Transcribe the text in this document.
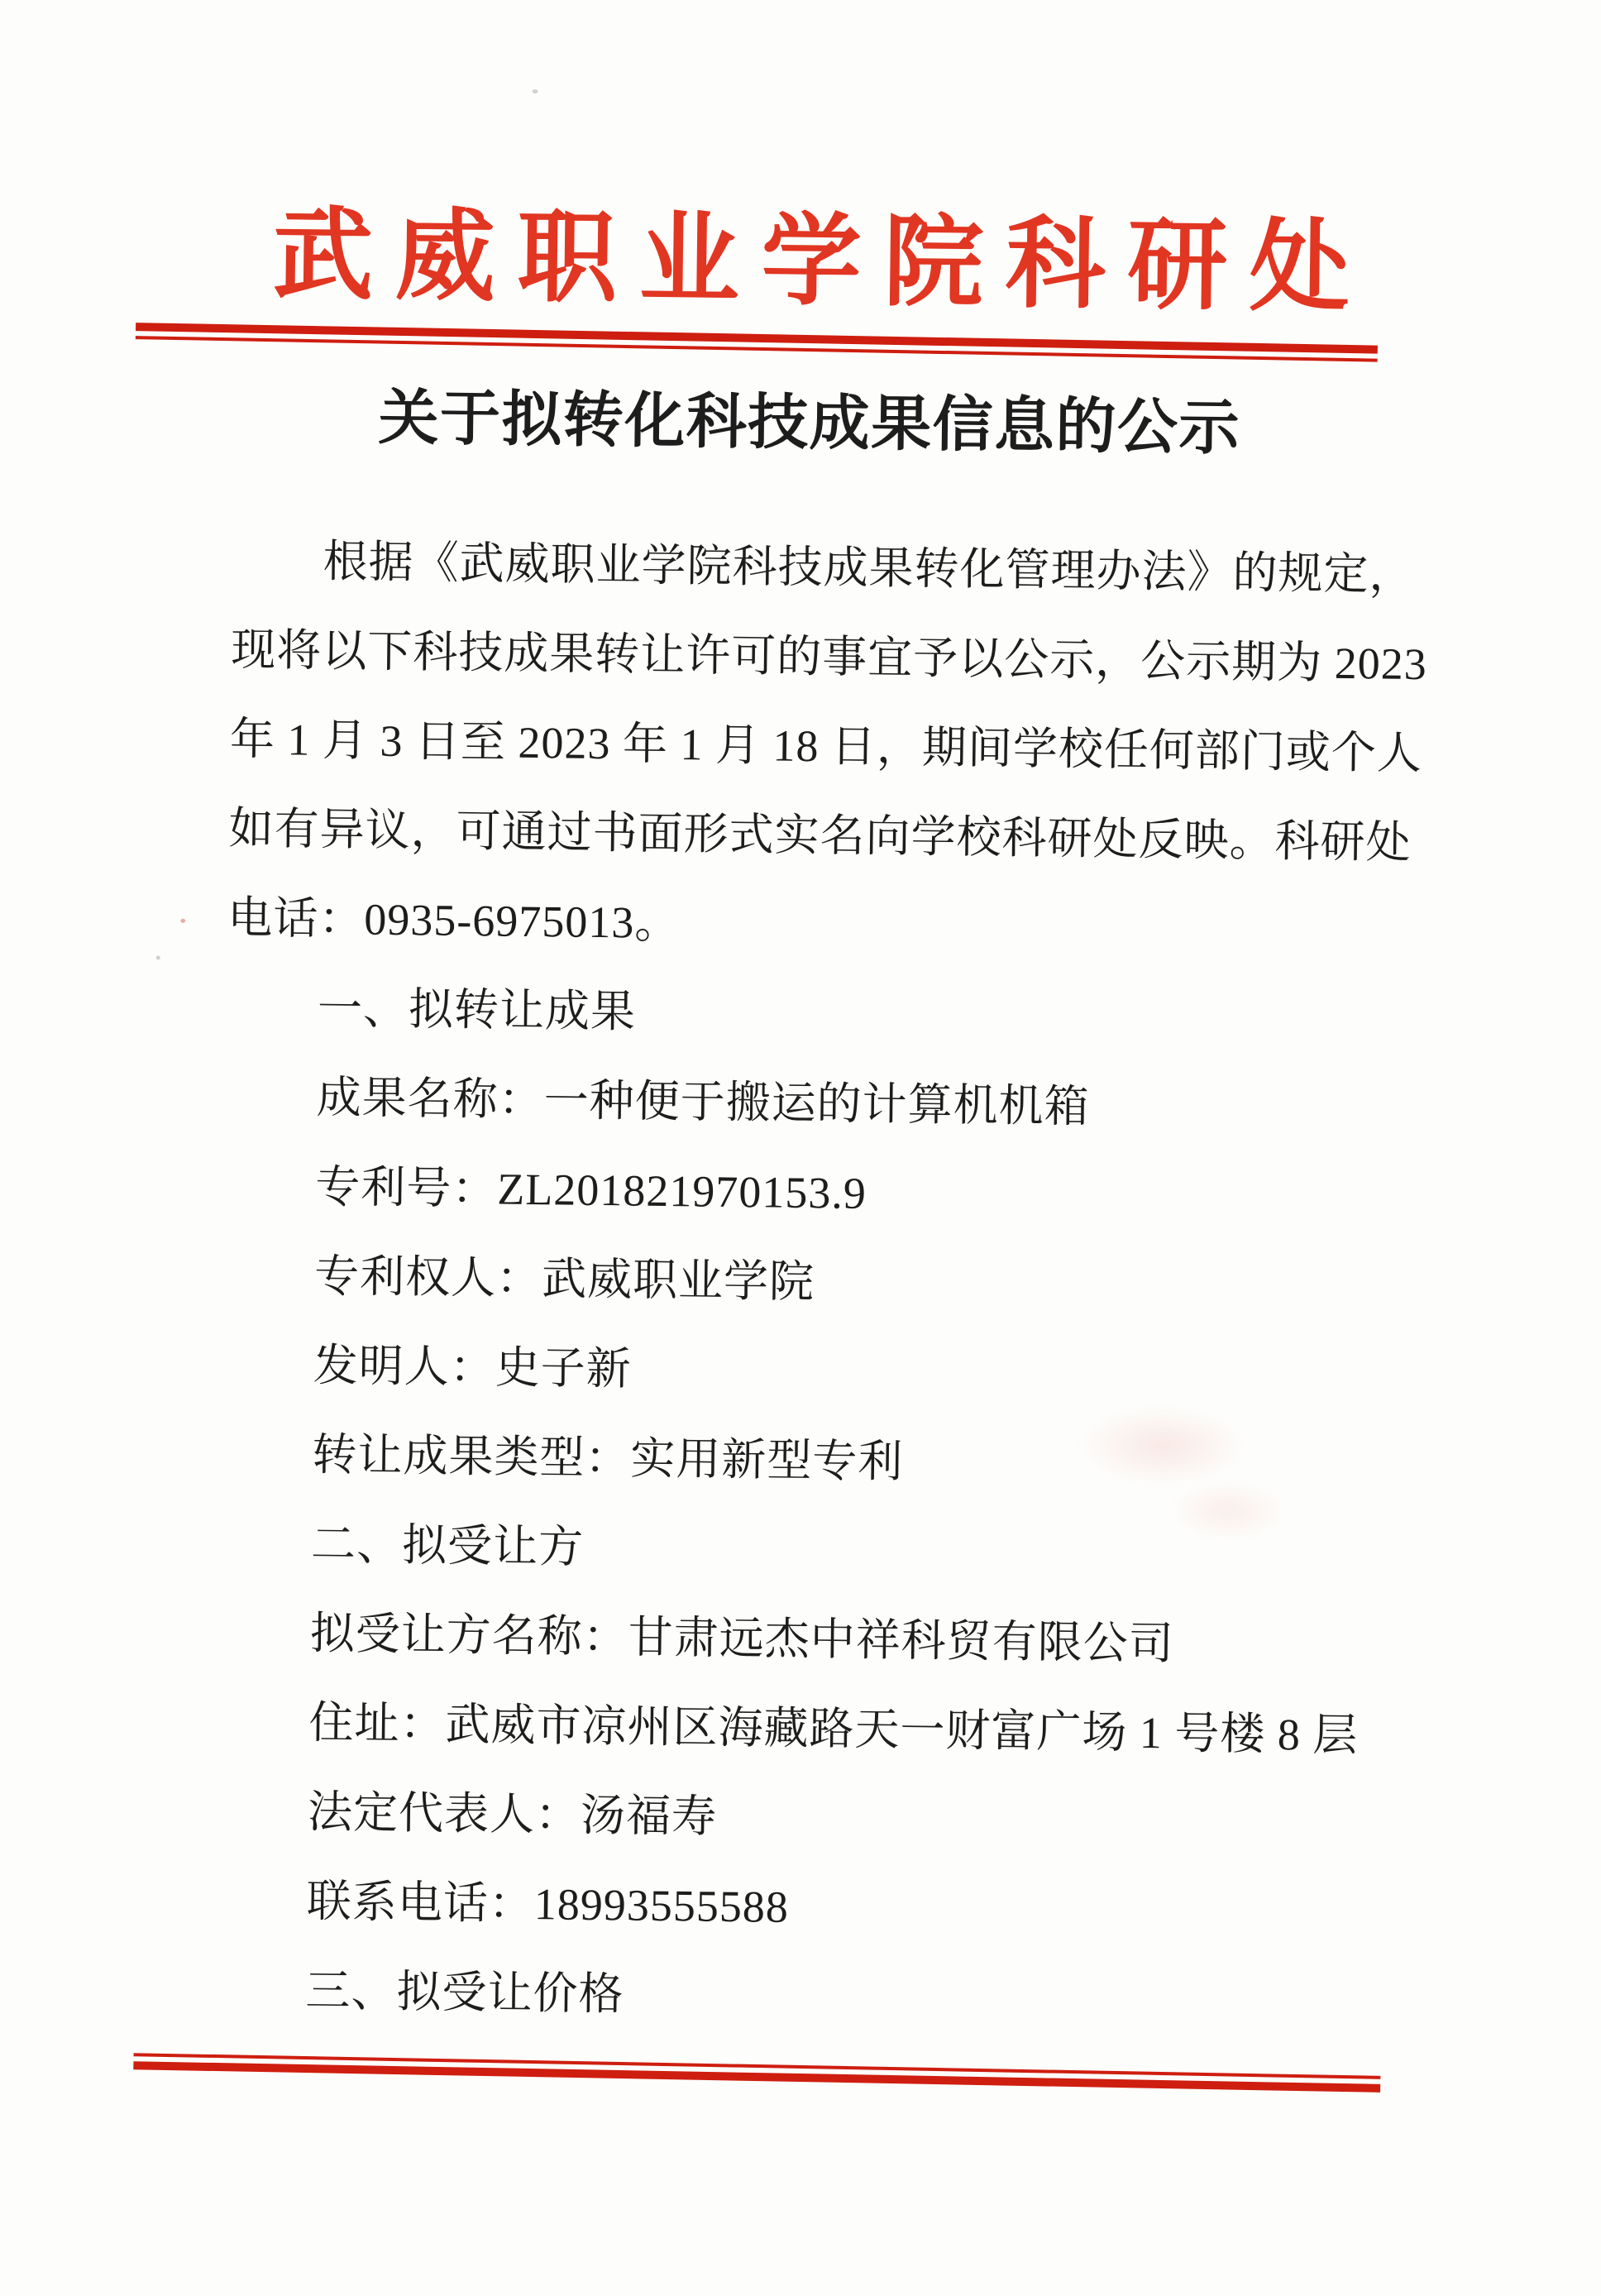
武威职业学院科研处
关于拟转化科技成果信息的公示
根据《武威职业学院科技成果转化管理办法》的规定，
现将以下科技成果转让许可的事宜予以公示，公示期为 2023
年 1 月 3 日至 2023 年 1 月 18 日，期间学校任何部门或个人
如有异议，可通过书面形式实名向学校科研处反映。科研处
电话：0935-6975013。
一、拟转让成果
成果名称：一种便于搬运的计算机机箱
专利号：ZL201821970153.9
专利权人：武威职业学院
发明人：史子新
转让成果类型：实用新型专利
二、拟受让方
拟受让方名称：甘肃远杰中祥科贸有限公司
住址：武威市凉州区海藏路天一财富广场 1 号楼 8 层
法定代表人：汤福寿
联系电话：18993555588
三、拟受让价格
